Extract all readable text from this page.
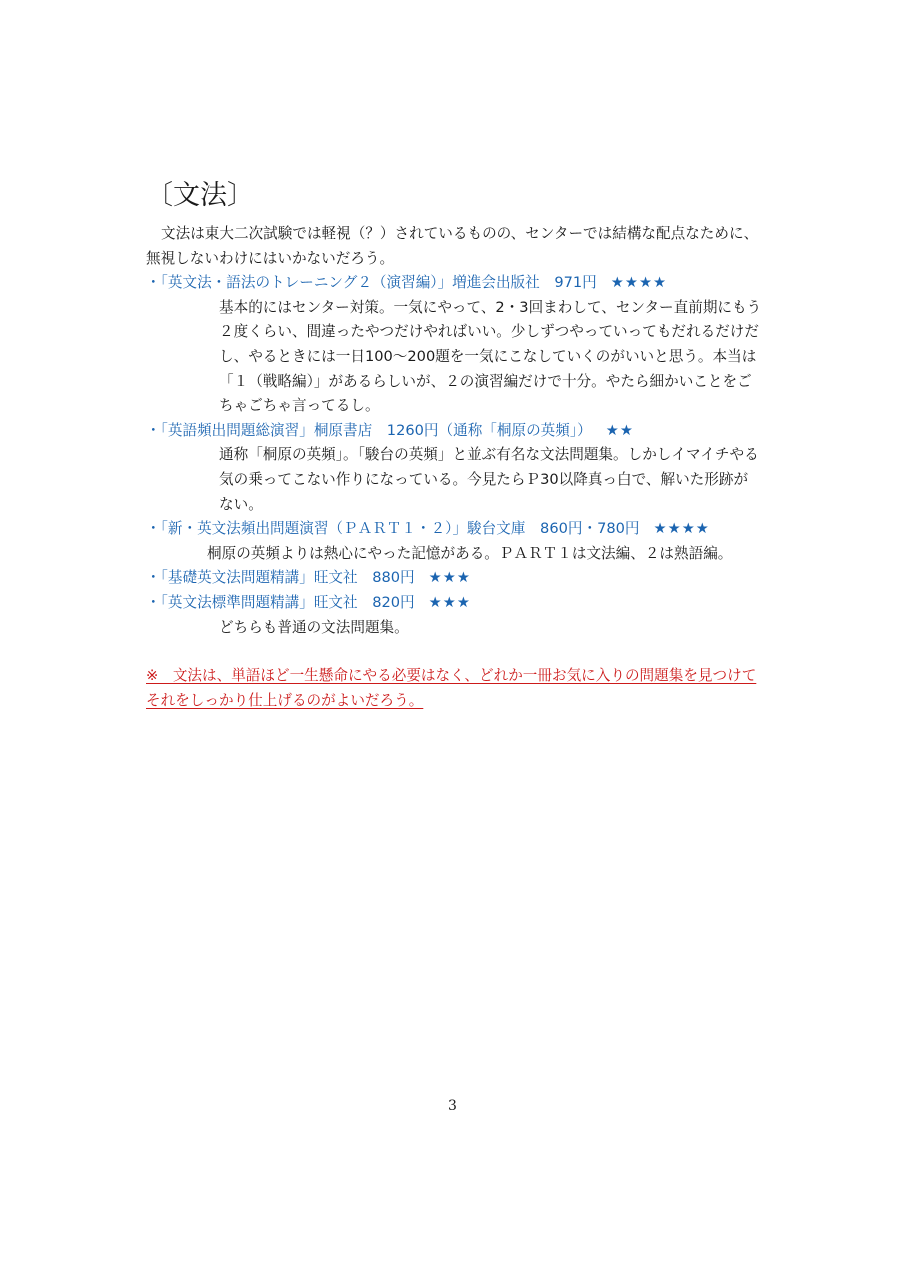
〔文法〕

文法は東大二次試験では軽視（？）されているものの、センターでは結構な配点なために、無視しないわけにはいかないだろう。

・「英文法・語法のトレーニング２（演習編）」増進会出版社　971円 ★★★★

基本的にはセンター対策。一気にやって、2・3回まわして、センター直前期にもう２度くらい、間違ったやつだけやればいい。少しずつやっていってもだれるだけだし、やるときには一日100～200題を一気にこなしていくのがいいと思う。本当は「１（戦略編）」があるらしいが、２の演習編だけで十分。やたら細かいことをごちゃごちゃ言ってるし。

・「英語頻出問題総演習」桐原書店　1260円（通称「桐原の英頻」） ★★

通称「桐原の英頻」。「駿台の英頻」と並ぶ有名な文法問題集。しかしイマイチやる気の乗ってこない作りになっている。今見たらＰ30以降真っ白で、解いた形跡がない。

・「新・英文法頻出問題演習（ＰＡＲＴ１・２）」駿台文庫　860円・780円 ★★★★

桐原の英頻よりは熱心にやった記憶がある。ＰＡＲＴ１は文法編、２は熟語編。

・「基礎英文法問題精講」旺文社　880円 ★★★

・「英文法標準問題精講」旺文社　820円 ★★★

どちらも普通の文法問題集。

※　文法は、単語ほど一生懸命にやる必要はなく、どれか一冊お気に入りの問題集を見つけてそれをしっかり仕上げるのがよいだろう。

3
